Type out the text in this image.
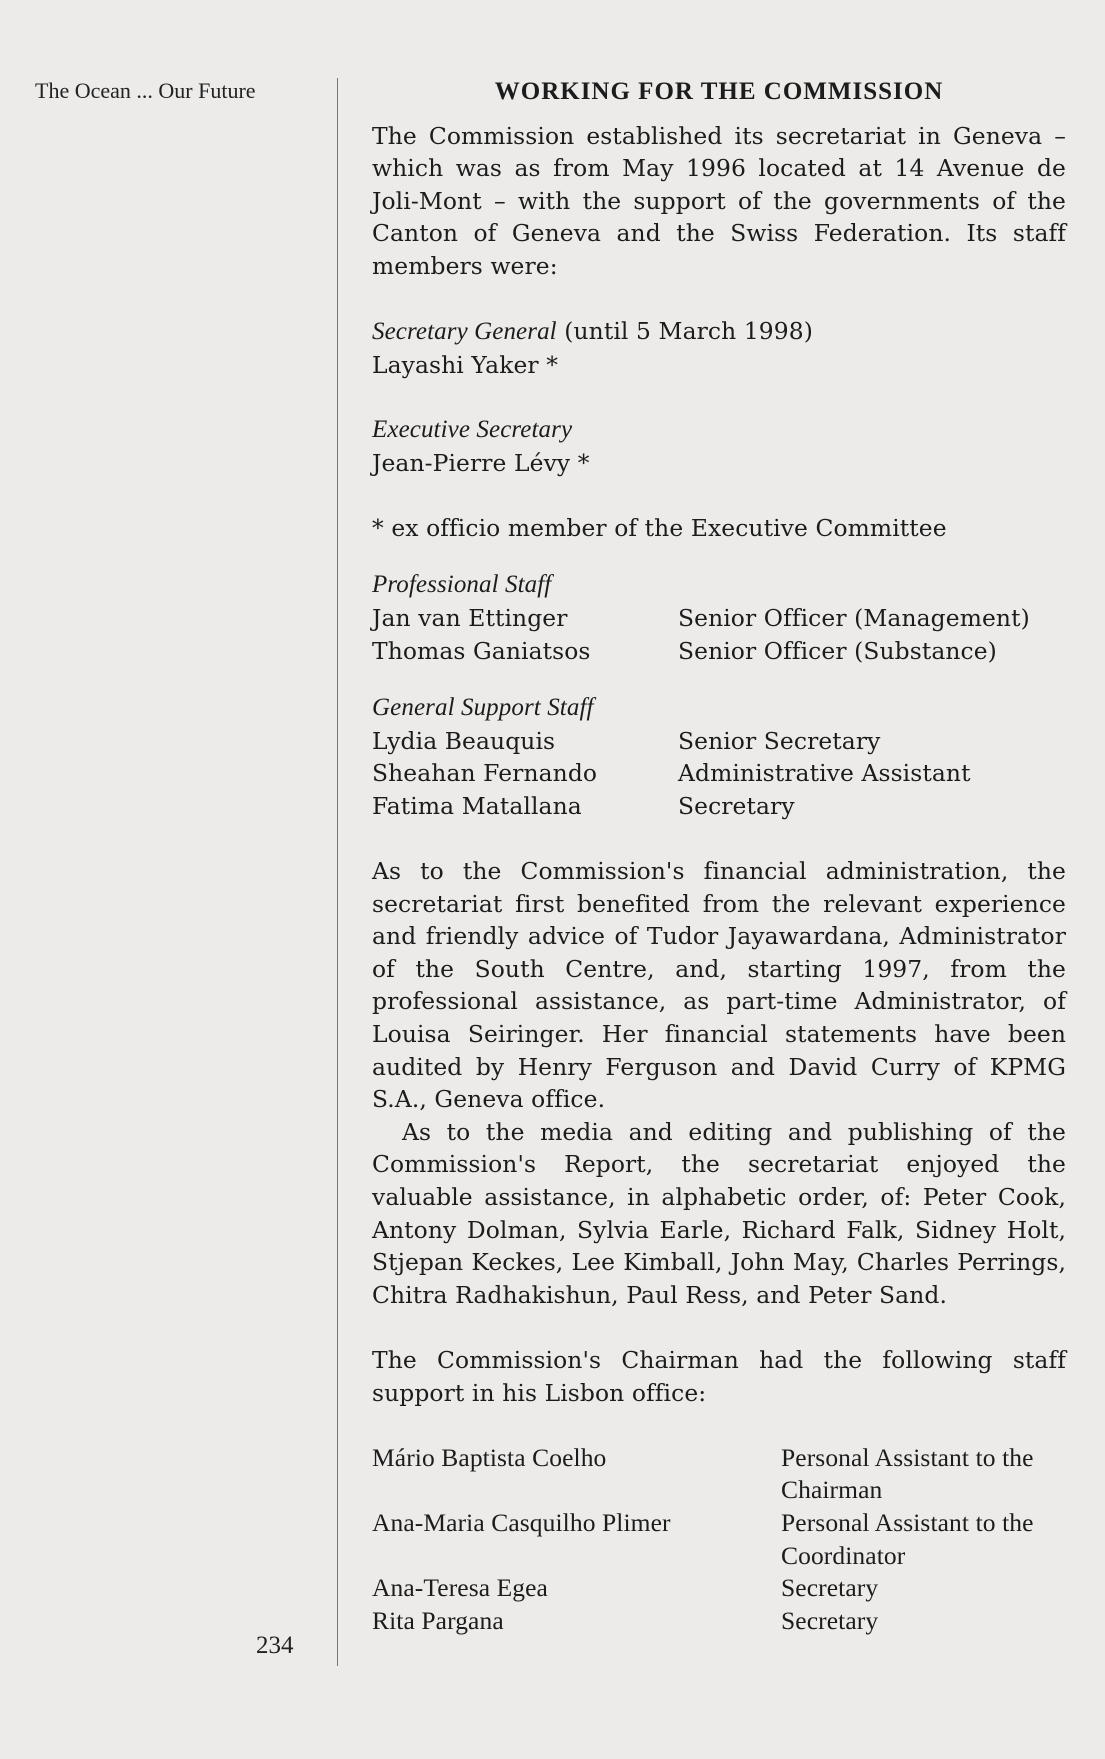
The Ocean ... Our Future
234
WORKING FOR THE COMMISSION

The Commission established its secretariat in Geneva – which was as from May 1996 located at 14 Avenue de Joli-Mont – with the support of the governments of the Canton of Geneva and the Swiss Federation. Its staff members were:

Secretary General (until 5 March 1998)
Layashi Yaker *
Executive Secretary
Jean-Pierre Lévy *
* ex officio member of the Executive Committee
Professional Staff
Jan van Ettinger	Senior Officer (Management)
Thomas Ganiatsos	Senior Officer (Substance)
General Support Staff
Lydia Beauquis	Senior Secretary
Sheahan Fernando	Administrative Assistant
Fatima Matallana	Secretary

As to the Commission's financial administration, the secretariat first benefited from the relevant experience and friendly advice of Tudor Jayawardana, Administrator of the South Centre, and, starting 1997, from the professional assistance, as part-time Administrator, of Louisa Seiringer. Her financial statements have been audited by Henry Ferguson and David Curry of KPMG S.A., Geneva office.

As to the media and editing and publishing of the Commission's Report, the secretariat enjoyed the valuable assistance, in alphabetic order, of: Peter Cook, Antony Dolman, Sylvia Earle, Richard Falk, Sidney Holt, Stjepan Keckes, Lee Kimball, John May, Charles Perrings, Chitra Radhakishun, Paul Ress, and Peter Sand.

The Commission's Chairman had the following staff support in his Lisbon office:

Mário Baptista Coelho	Personal Assistant to the Chairman
Ana-Maria Casquilho Plimer	Personal Assistant to the Coordinator
Ana-Teresa Egea	Secretary
Rita Pargana	Secretary
